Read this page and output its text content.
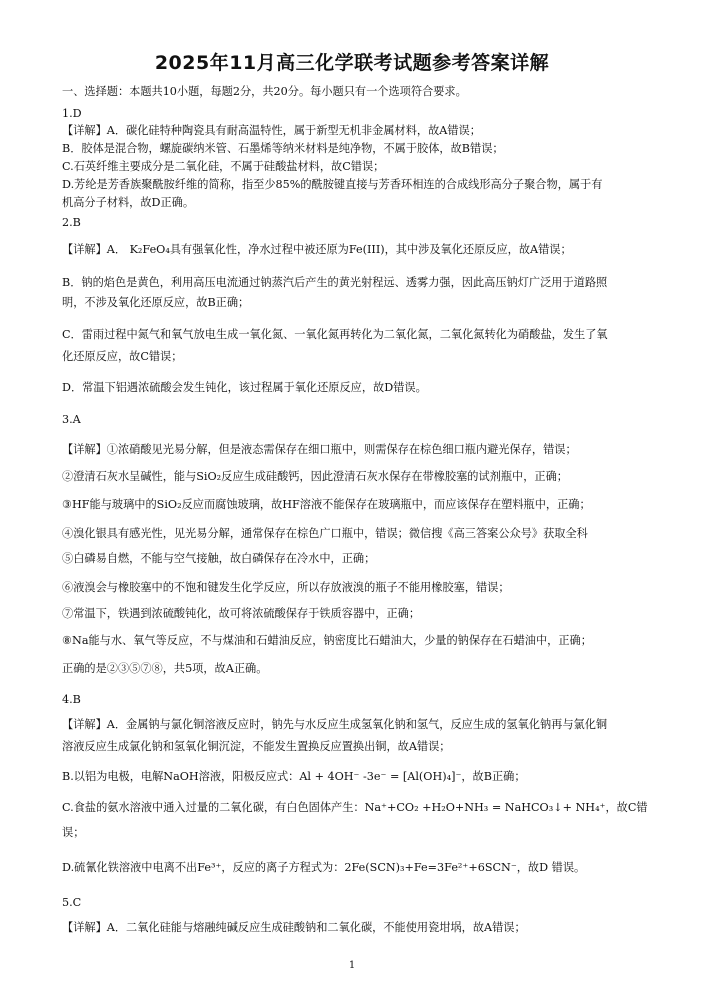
2025年11月高三化学联考试题参考答案详解
一、选择题：本题共10小题，每题2分，共20分。每小题只有一个选项符合要求。
1.D
【详解】A．碳化硅特种陶瓷具有耐高温特性，属于新型无机非金属材料，故A错误；
B．胶体是混合物，螺旋碳纳米管、石墨烯等纳米材料是纯净物，不属于胶体，故B错误；
C.石英纤维主要成分是二氧化硅，不属于硅酸盐材料，故C错误；
D.芳纶是芳香族聚酰胺纤维的简称，指至少85%的酰胺键直接与芳香环相连的合成线形高分子聚合物，属于有
机高分子材料，故D正确。
2.B
【详解】A． K₂FeO₄具有强氧化性，净水过程中被还原为Fe(III)，其中涉及氧化还原反应，故A错误；
B．钠的焰色是黄色，利用高压电流通过钠蒸汽后产生的黄光射程远、透雾力强，因此高压钠灯广泛用于道路照
明，不涉及氧化还原反应，故B正确；
C．雷雨过程中氮气和氧气放电生成一氧化氮、一氧化氮再转化为二氧化氮，二氧化氮转化为硝酸盐，发生了氧
化还原反应，故C错误；
D．常温下铝遇浓硫酸会发生钝化，该过程属于氧化还原反应，故D错误。
3.A
【详解】①浓硝酸见光易分解，但是液态需保存在细口瓶中，则需保存在棕色细口瓶内避光保存，错误；
②澄清石灰水呈碱性，能与SiO₂反应生成硅酸钙，因此澄清石灰水保存在带橡胶塞的试剂瓶中，正确；
③HF能与玻璃中的SiO₂反应而腐蚀玻璃，故HF溶液不能保存在玻璃瓶中，而应该保存在塑料瓶中，正确；
④溴化银具有感光性，见光易分解，通常保存在棕色广口瓶中，错误；微信搜《高三答案公众号》获取全科
⑤白磷易自燃，不能与空气接触，故白磷保存在冷水中，正确；
⑥液溴会与橡胶塞中的不饱和键发生化学反应，所以存放液溴的瓶子不能用橡胶塞，错误；
⑦常温下，铁遇到浓硫酸钝化，故可将浓硫酸保存于铁质容器中，正确；
⑧Na能与水、氧气等反应，不与煤油和石蜡油反应，钠密度比石蜡油大，少量的钠保存在石蜡油中，正确；
正确的是②③⑤⑦⑧，共5项，故A正确。
4.B
【详解】A．金属钠与氯化铜溶液反应时，钠先与水反应生成氢氧化钠和氢气，反应生成的氢氧化钠再与氯化铜
溶液反应生成氯化钠和氢氧化铜沉淀，不能发生置换反应置换出铜，故A错误；
B.以铝为电极，电解NaOH溶液，阳极反应式：Al + 4OH⁻ -3e⁻ = [Al(OH)₄]⁻，故B正确；
C.食盐的氨水溶液中通入过量的二氧化碳，有白色固体产生：Na⁺+CO₂ +H₂O+NH₃ = NaHCO₃↓+ NH₄⁺，故C错
误；
D.硫氰化铁溶液中电离不出Fe³⁺，反应的离子方程式为：2Fe(SCN)₃+Fe=3Fe²⁺+6SCN⁻，故D 错误。
5.C
【详解】A．二氧化硅能与熔融纯碱反应生成硅酸钠和二氧化碳，不能使用瓷坩埚，故A错误；
1
